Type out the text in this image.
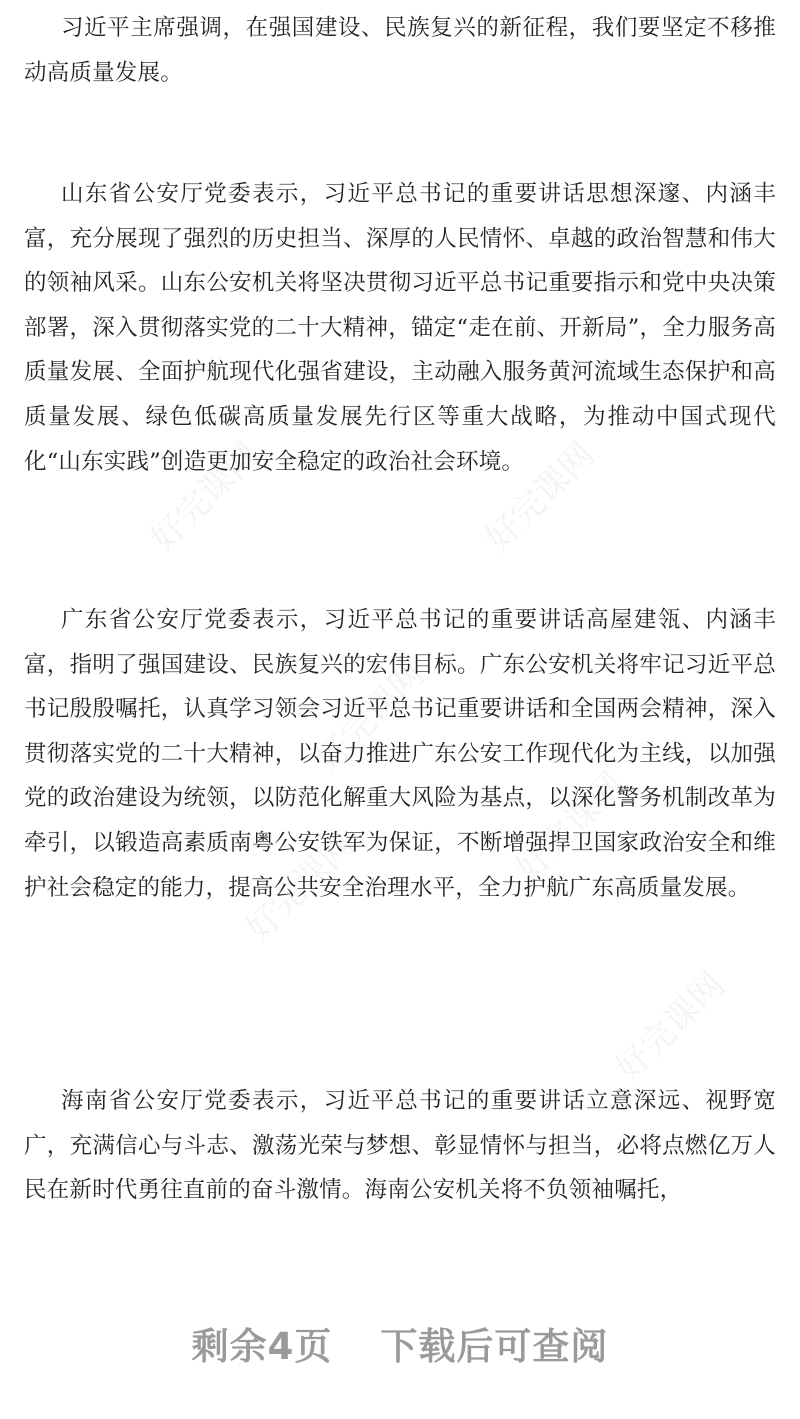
习近平主席强调，在强国建设、民族复兴的新征程，我们要坚定不移推动高质量发展。

山东省公安厅党委表示，习近平总书记的重要讲话思想深邃、内涵丰富，充分展现了强烈的历史担当、深厚的人民情怀、卓越的政治智慧和伟大的领袖风采。山东公安机关将坚决贯彻习近平总书记重要指示和党中央决策部署，深入贯彻落实党的二十大精神，锚定“走在前、开新局”，全力服务高质量发展、全面护航现代化强省建设，主动融入服务黄河流域生态保护和高质量发展、绿色低碳高质量发展先行区等重大战略，为推动中国式现代化“山东实践”创造更加安全稳定的政治社会环境。

广东省公安厅党委表示，习近平总书记的重要讲话高屋建瓴、内涵丰富，指明了强国建设、民族复兴的宏伟目标。广东公安机关将牢记习近平总书记殷殷嘱托，认真学习领会习近平总书记重要讲话和全国两会精神，深入贯彻落实党的二十大精神，以奋力推进广东公安工作现代化为主线，以加强党的政治建设为统领，以防范化解重大风险为基点，以深化警务机制改革为牵引，以锻造高素质南粤公安铁军为保证，不断增强捍卫国家政治安全和维护社会稳定的能力，提高公共安全治理水平，全力护航广东高质量发展。

海南省公安厅党委表示，习近平总书记的重要讲话立意深远、视野宽广，充满信心与斗志、激荡光荣与梦想、彰显情怀与担当，必将点燃亿万人民在新时代勇往直前的奋斗激情。海南公安机关将不负领袖嘱托，

剩余4页 下载后可查阅
